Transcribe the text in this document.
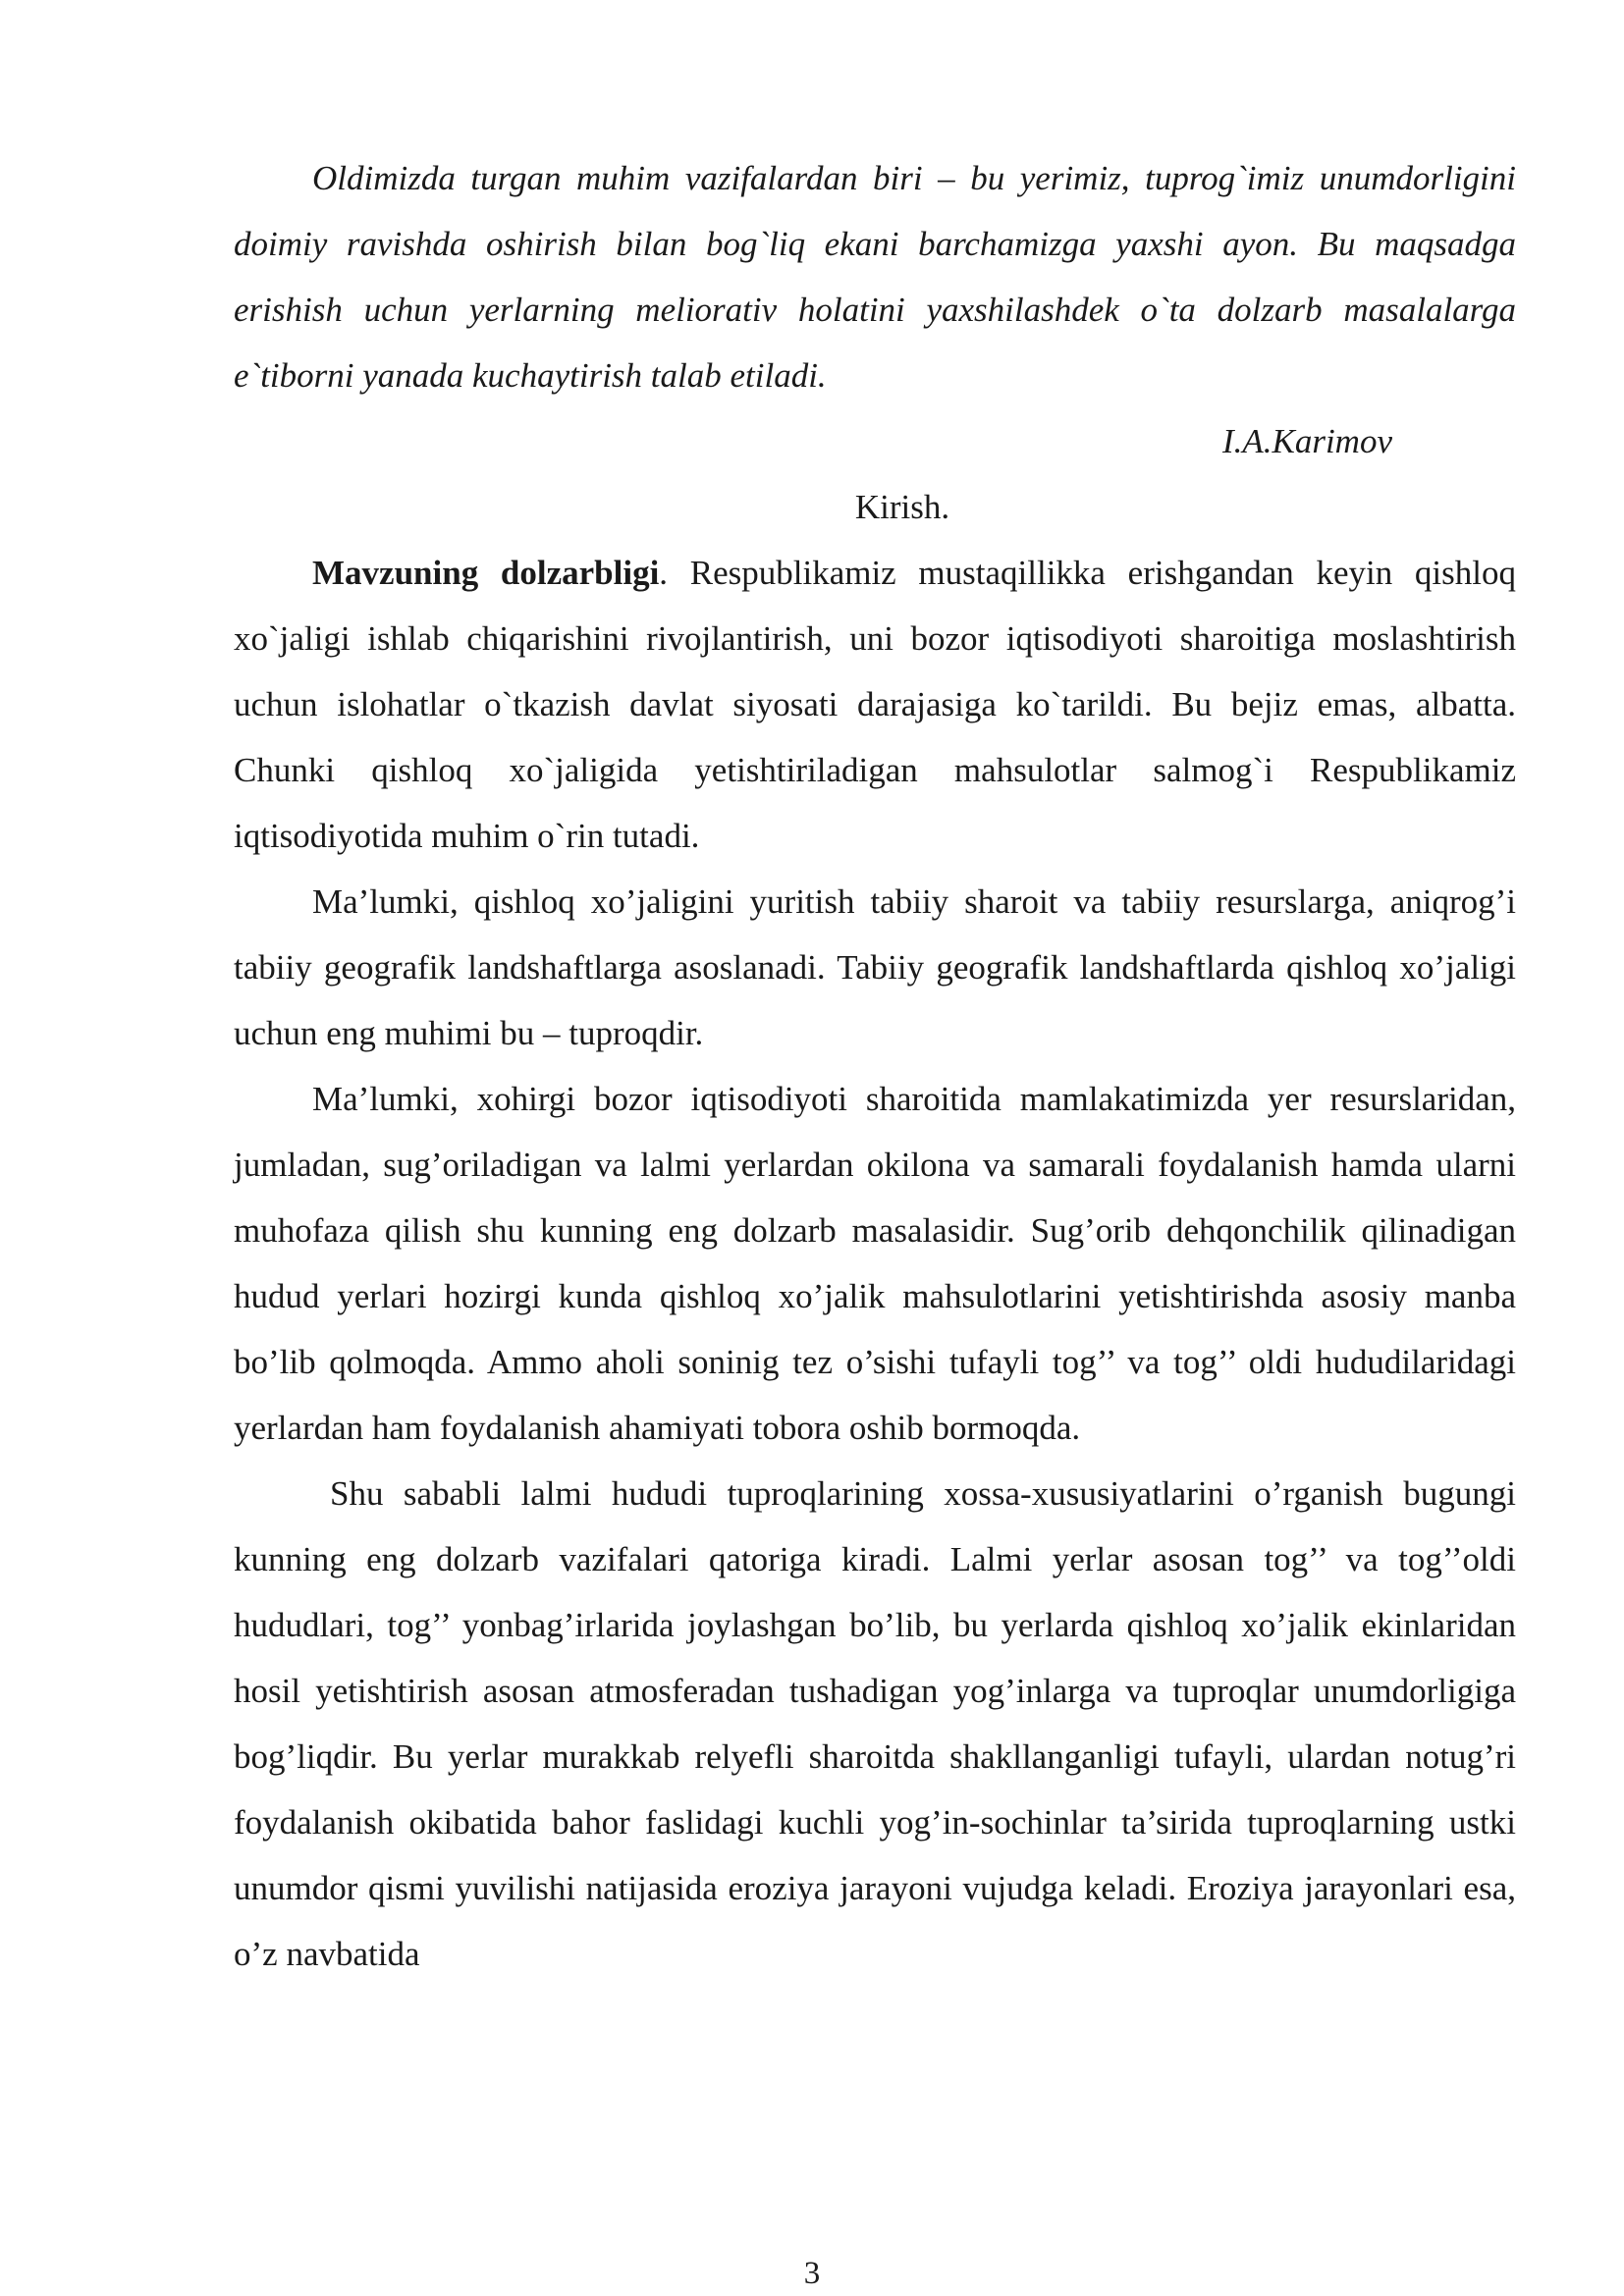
Oldimizda turgan muhim vazifalardan biri – bu yerimiz, tuprog`imiz unumdorligini doimiy ravishda oshirish bilan bog`liq ekani barchamizga yaxshi ayon. Bu maqsadga erishish uchun yerlarning meliorativ holatini yaxshilashdek o`ta dolzarb masalalarga e`tiborni yanada kuchaytirish talab etiladi.

I.A.Karimov

Kirish.

Mavzuning dolzarbligi. Respublikamiz mustaqillikka erishgandan keyin qishloq xo`jaligi ishlab chiqarishini rivojlantirish, uni bozor iqtisodiyoti sharoitiga moslashtirish uchun islohatlar o`tkazish davlat siyosati darajasiga ko`tarildi. Bu bejiz emas, albatta. Chunki qishloq xo`jaligida yetishtiriladigan mahsulotlar salmog`i Respublikamiz iqtisodiyotida muhim o`rin tutadi.

Ma’lumki, qishloq xo’jaligini yuritish tabiiy sharoit va tabiiy resurslarga, aniqrog’i tabiiy geografik landshaftlarga asoslanadi. Tabiiy geografik landshaftlarda qishloq xo’jaligi uchun eng muhimi bu – tuproqdir.

Ma’lumki, xohirgi bozor iqtisodiyoti sharoitida mamlakatimizda yer resurslaridan, jumladan, sug’oriladigan va lalmi yerlardan okilona va samarali foydalanish hamda ularni muhofaza qilish shu kunning eng dolzarb masalasidir. Sug’orib dehqonchilik qilinadigan hudud yerlari hozirgi kunda qishloq xo’jalik mahsulotlarini yetishtirishda asosiy manba bo’lib qolmoqda. Ammo aholi soninig tez o’sishi tufayli tog’’ va tog’’ oldi hududilaridagi yerlardan ham foydalanish ahamiyati tobora oshib bormoqda.

Shu sababli lalmi hududi tuproqlarining xossa-xususiyatlarini o’rganish bugungi kunning eng dolzarb vazifalari qatoriga kiradi. Lalmi yerlar asosan tog’’ va tog’’oldi hududlari, tog’’ yonbag’irlarida joylashgan bo’lib, bu yerlarda qishloq xo’jalik ekinlaridan hosil yetishtirish asosan atmosferadan tushadigan yog’inlarga va tuproqlar unumdorligiga bog’liqdir. Bu yerlar murakkab relyefli sharoitda shakllanganligi tufayli, ulardan notug’ri foydalanish okibatida bahor faslidagi kuchli yog’in-sochinlar ta’sirida tuproqlarning ustki unumdor qismi yuvilishi natijasida eroziya jarayoni vujudga keladi. Eroziya jarayonlari esa, o’z navbatida

3
